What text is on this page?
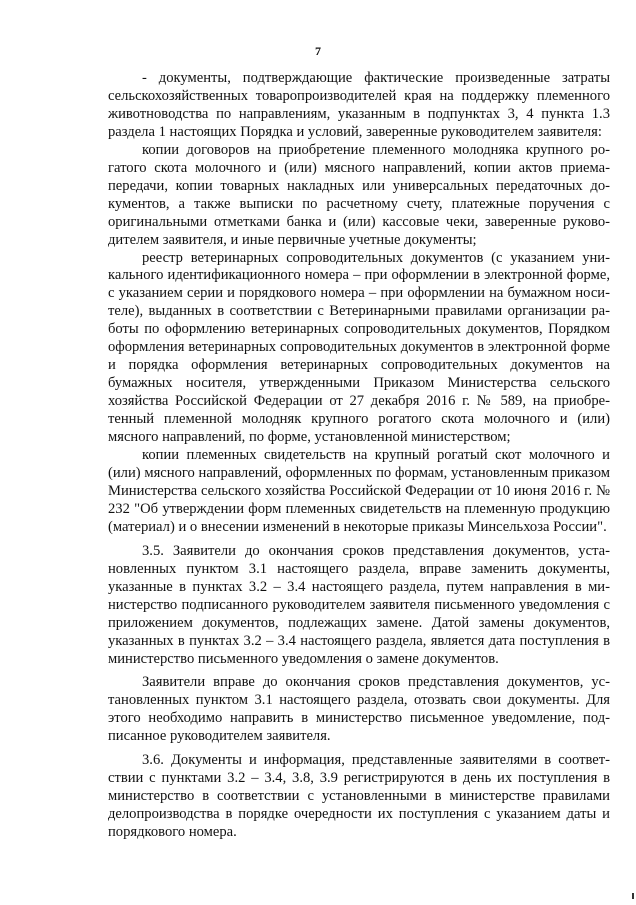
7

- документы, подтверждающие фактические произведенные затраты сельскохозяйственных товаропроизводителей края на поддержку племенного животноводства по направлениям, указанным в подпунктах 3, 4 пункта 1.3 раздела 1 настоящих Порядка и условий, заверенные руководителем заявителя:

копии договоров на приобретение племенного молодняка крупного рогатого скота молочного и (или) мясного направлений, копии актов приема-передачи, копии товарных накладных или универсальных передаточных документов, а также выписки по расчетному счету, платежные поручения с оригинальными отметками банка и (или) кассовые чеки, заверенные руководителем заявителя, и иные первичные учетные документы;

реестр ветеринарных сопроводительных документов (с указанием уникального идентификационного номера – при оформлении в электронной форме, с указанием серии и порядкового номера – при оформлении на бумажном носителе), выданных в соответствии с Ветеринарными правилами организации работы по оформлению ветеринарных сопроводительных документов, Порядком оформления ветеринарных сопроводительных документов в электронной форме и порядка оформления ветеринарных сопроводительных документов на бумажных носителя, утвержденными Приказом Министерства сельского хозяйства Российской Федерации от 27 декабря 2016 г. № 589, на приобретенный племенной молодняк крупного рогатого скота молочного и (или) мясного направлений, по форме, установленной министерством;

копии племенных свидетельств на крупный рогатый скот молочного и (или) мясного направлений, оформленных по формам, установленным приказом Министерства сельского хозяйства Российской Федерации от 10 июня 2016 г. № 232 "Об утверждении форм племенных свидетельств на племенную продукцию (материал) и о внесении изменений в некоторые приказы Минсельхоза России".

3.5. Заявители до окончания сроков представления документов, установленных пунктом 3.1 настоящего раздела, вправе заменить документы, указанные в пунктах 3.2 – 3.4 настоящего раздела, путем направления в министерство подписанного руководителем заявителя письменного уведомления с приложением документов, подлежащих замене. Датой замены документов, указанных в пунктах 3.2 – 3.4 настоящего раздела, является дата поступления в министерство письменного уведомления о замене документов.

Заявители вправе до окончания сроков представления документов, установленных пунктом 3.1 настоящего раздела, отозвать свои документы. Для этого необходимо направить в министерство письменное уведомление, подписанное руководителем заявителя.

3.6. Документы и информация, представленные заявителями в соответствии с пунктами 3.2 – 3.4, 3.8, 3.9 регистрируются в день их поступления в министерство в соответствии с установленными в министерстве правилами делопроизводства в порядке очередности их поступления с указанием даты и порядкового номера.
